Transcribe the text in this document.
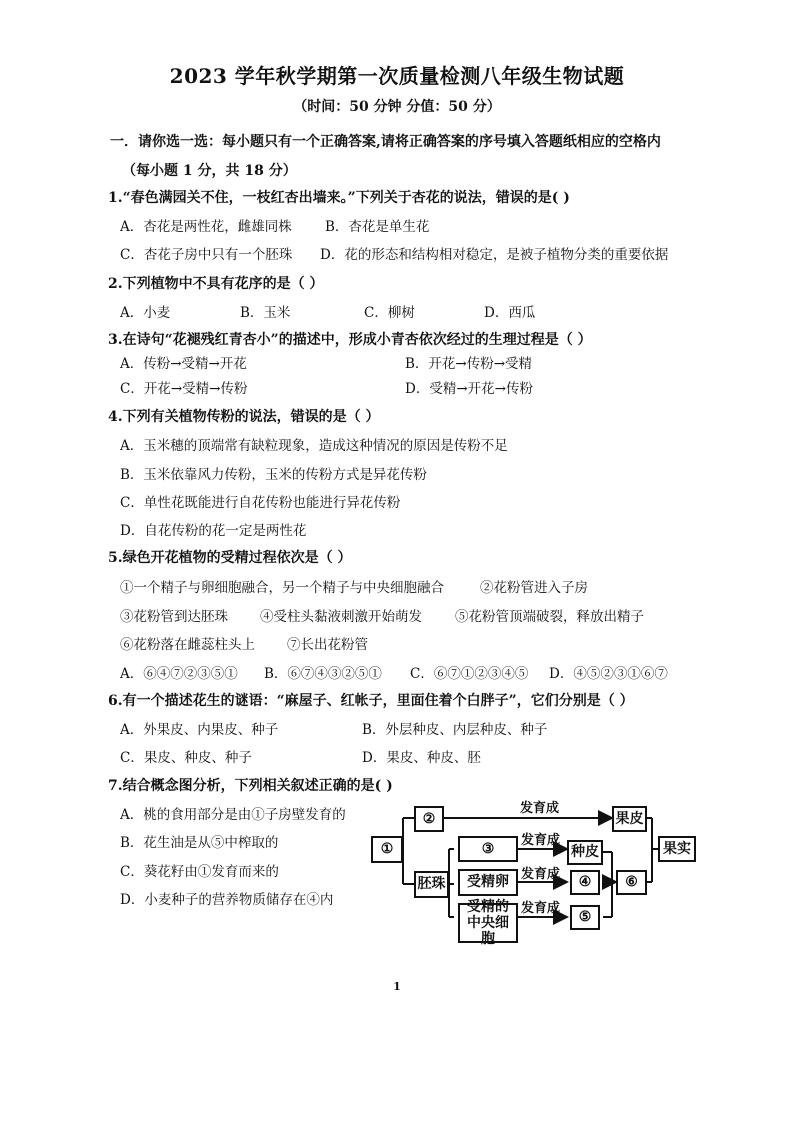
2023 学年秋学期第一次质量检测八年级生物试题
（时间：50 分钟 分值：50 分）
一．请你选一选：每小题只有一个正确答案,请将正确答案的序号填入答题纸相应的空格内
（每小题 1 分，共 18 分）
1.“春色满园关不住，一枝红杏出墙来。”下列关于杏花的说法，错误的是( )
A．杏花是两性花，雌雄同株 B．杏花是单生花
C．杏花子房中只有一个胚珠 D．花的形态和结构相对稳定，是被子植物分类的重要依据
2.下列植物中不具有花序的是（ ）
A．小麦	B．玉米	C．柳树	D．西瓜
3.在诗句“花褪残红青杏小”的描述中，形成小青杏依次经过的生理过程是（ ）
A．传粉→受精→开花	B．开花→传粉→受精
C．开花→受精→传粉	D．受精→开花→传粉
4.下列有关植物传粉的说法，错误的是（ ）
A．玉米穗的顶端常有缺粒现象，造成这种情况的原因是传粉不足
B．玉米依靠风力传粉，玉米的传粉方式是异花传粉
C．单性花既能进行自花传粉也能进行异花传粉
D．自花传粉的花一定是两性花
5.绿色开花植物的受精过程依次是（ ）
①一个精子与卵细胞融合，另一个精子与中央细胞融合	②花粉管进入子房
③花粉管到达胚珠 ④受柱头黏液刺激开始萌发 ⑤花粉管顶端破裂，释放出精子
⑥花粉落在雌蕊柱头上 ⑦长出花粉管
A．⑥④⑦②③⑤① B．⑥⑦④③②⑤① C．⑥⑦①②③④⑤ D．④⑤②③①⑥⑦
6.有一个描述花生的谜语：“麻屋子、红帐子，里面住着个白胖子”，它们分别是（ ）
A．外果皮、内果皮、种子	B．外层种皮、内层种皮、种子
C．果皮、种皮、种子	D．果皮、种皮、胚
7.结合概念图分析，下列相关叙述正确的是( )
A．桃的食用部分是由①子房壁发育的
B．花生油是从⑤中榨取的
C．葵花籽由①发育而来的
D．小麦种子的营养物质储存在④内
①
②
胚珠
③
受精卵
受精的中央细胞
果皮
种皮
④
⑤
⑥
果实
发育成
发育成
发育成
发育成
1
